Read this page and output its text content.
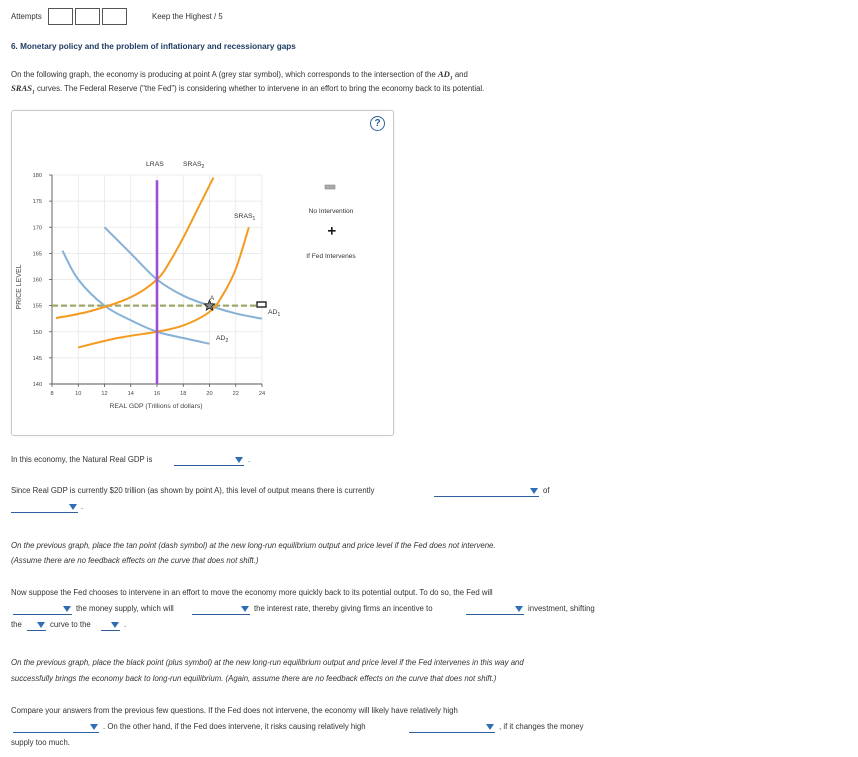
Attempts	Keep the Highest / 5
6. Monetary policy and the problem of inflationary and recessionary gaps
On the following graph, the economy is producing at point A (grey star symbol), which corresponds to the intersection of the $AD_1$ and
$SRAS_1$ curves. The Federal Reserve ("the Fed") is considering whether to intervene in an effort to bring the economy back to its potential.
?
140
145
150
155
160
165
170
175
180
8	10	12	14	16	18	20	22	24
PRICE LEVEL
REAL GDP (Trillions of dollars)
LRAS	$SRAS_2$
$SRAS_1$
$AD_1$
$AD_2$
A
No Intervention
If Fed Intervenes
In this economy, the Natural Real GDP is	.
Since Real GDP is currently $20 trillion (as shown by point A), this level of output means there is currently	of
.
On the previous graph, place the tan point (dash symbol) at the new long-run equilibrium output and price level if the Fed does not intervene.
(Assume there are no feedback effects on the curve that does not shift.)
Now suppose the Fed chooses to intervene in an effort to move the economy more quickly back to its potential output. To do so, the Fed will
the money supply, which will	the interest rate, thereby giving firms an incentive to	investment, shifting
the	curve to the	.
On the previous graph, place the black point (plus symbol) at the new long-run equilibrium output and price level if the Fed intervenes in this way and
successfully brings the economy back to long-run equilibrium. (Again, assume there are no feedback effects on the curve that does not shift.)
Compare your answers from the previous few questions. If the Fed does not intervene, the economy will likely have relatively high
. On the other hand, if the Fed does intervene, it risks causing relatively high	, if it changes the money
supply too much.
